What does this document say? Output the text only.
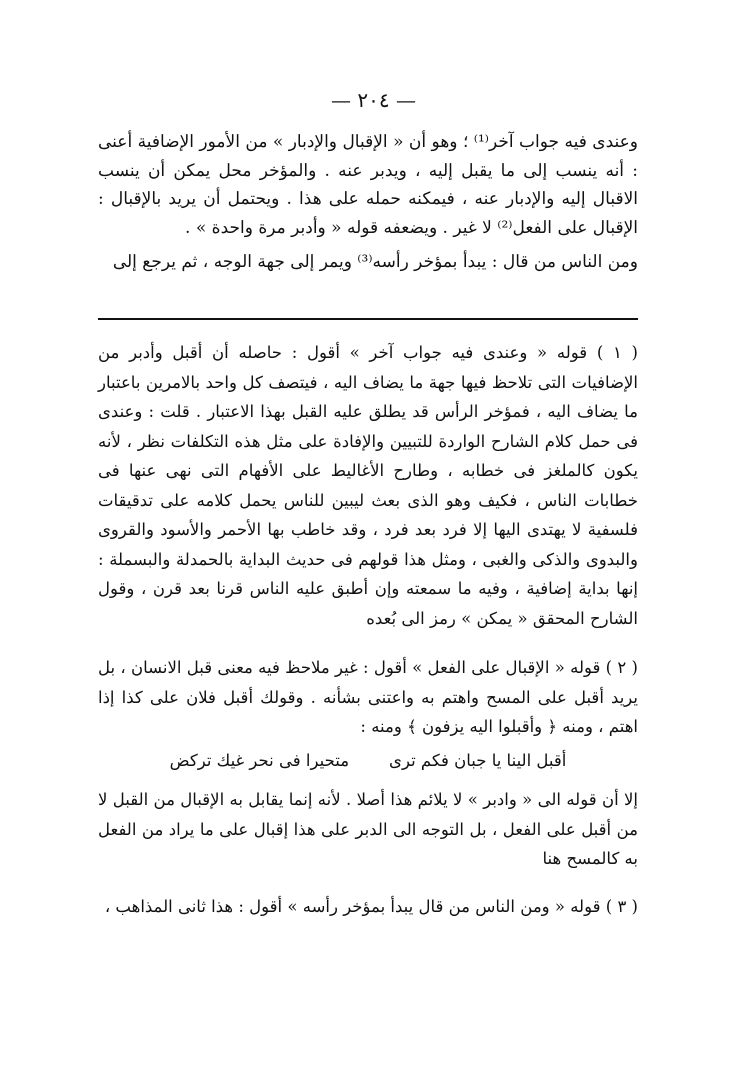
— ٢٠٤ —

وعندى فيه جواب آخر⁽¹⁾ ؛ وهو أن « الإقبال والإدبار » من الأمور الإضافية أعنى : أنه ينسب إلى ما يقبل إليه ، ويدبر عنه . والمؤخر محل يمكن أن ينسب الاقبال إليه والإدبار عنه ، فيمكنه حمله على هذا . ويحتمل أن يريد بالإقبال : الإقبال على الفعل⁽²⁾ لا غير . ويضعفه قوله « وأدبر مرة واحدة » .

ومن الناس من قال : يبدأ بمؤخر رأسه⁽³⁾ ويمر إلى جهة الوجه ، ثم يرجع إلى

( ١ ) قوله « وعندى فيه جواب آخر » أقول : حاصله أن أقبل وأدبر من الإضافيات التى تلاحظ فيها جهة ما يضاف اليه ، فيتصف كل واحد بالامرين باعتبار ما يضاف اليه ، فمؤخر الرأس قد يطلق عليه القبل بهذا الاعتبار . قلت : وعندى فى حمل كلام الشارح الواردة للتبيين والإفادة على مثل هذه التكلفات نظر ، لأنه يكون كالملغز فى خطابه ، وطارح الأغاليط على الأفهام التى نهى عنها فى خطابات الناس ، فكيف وهو الذى بعث ليبين للناس يحمل كلامه على تدقيقات فلسفية لا يهتدى اليها إلا فرد بعد فرد ، وقد خاطب بها الأحمر والأسود والقروى والبدوى والذكى والغبى ، ومثل هذا قولهم فى حديث البداية بالحمدلة والبسملة : إنها بداية إضافية ، وفيه ما سمعته وإن أطبق عليه الناس قرنا بعد قرن ، وقول الشارح المحقق « يمكن » رمز الى بُعده

( ٢ ) قوله « الإقبال على الفعل » أقول : غير ملاحظ فيه معنى قبل الانسان ، بل يريد أقبل على المسح واهتم به واعتنى بشأنه . وقولك أقبل فلان على كذا إذا اهتم ، ومنه ﴿ وأقبلوا اليه يزفون ﴾ ومنه :

أقبل الينا يا جبان فكم ترى
متحيرا فى نحر غيك تركض

إلا أن قوله الى « وادبر » لا يلائم هذا أصلا . لأنه إنما يقابل به الإقبال من القبل لا من أقبل على الفعل ، بل التوجه الى الدبر على هذا إقبال على ما يراد من الفعل به كالمسح هنا

( ٣ ) قوله « ومن الناس من قال يبدأ بمؤخر رأسه » أقول : هذا ثانى المذاهب ،
